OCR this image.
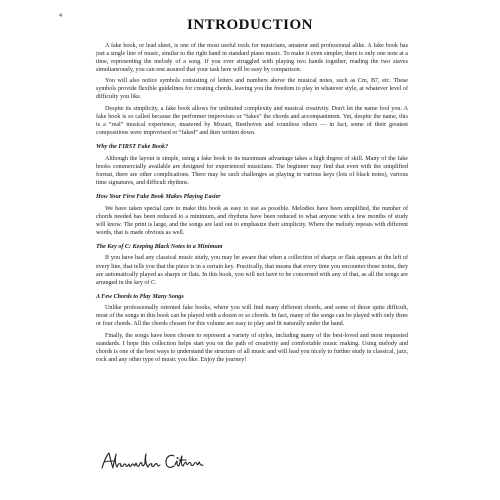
4
INTRODUCTION

A fake book, or lead sheet, is one of the most useful tools for musicians, amateur and professional alike. A fake book has just a single line of music, similar to the right hand in standard piano music. To make it even simpler, there is only one note at a time, representing the melody of a song. If you ever struggled with playing two hands together, reading the two staves simultaneously, you can rest assured that your task here will be easy by comparison.

You will also notice symbols consisting of letters and numbers above the musical notes, such as Cm, B7, etc. These symbols provide flexible guidelines for creating chords, leaving you the freedom to play in whatever style, at whatever level of difficulty you like.

Despite its simplicity, a fake book allows for unlimited complexity and musical creativity. Don't let the name fool you. A fake book is so called because the performer improvises or “fakes” the chords and accompaniment. Yet, despite the name, this is a “real” musical experience, mastered by Mozart, Beethoven and countless others — in fact, some of their greatest compositions were improvised or “faked” and then written down.

Why the FIRST Fake Book?

Although the layout is simple, using a fake book to its maximum advantage takes a high degree of skill. Many of the fake books commercially available are designed for experienced musicians. The beginner may find that even with the simplified format, there are other complications. There may be such challenges as playing in various keys (lots of black notes), various time signatures, and difficult rhythms.

How Your First Fake Book Makes Playing Easier

We have taken special care to make this book as easy to use as possible. Melodies have been simplified, the number of chords needed has been reduced to a minimum, and rhythms have been reduced to what anyone with a few months of study will know. The print is large, and the songs are laid out to emphasize their simplicity. Where the melody repeats with different words, that is made obvious as well.

The Key of C: Keeping Black Notes to a Minimum

If you have had any classical music study, you may be aware that when a collection of sharps or flats appears at the left of every line, that tells you that the piece is in a certain key. Practically, that means that every time you encounter those notes, they are automatically played as sharps or flats. In this book, you will not have to be concerned with any of that, as all the songs are arranged in the key of C.

A Few Chords to Play Many Songs

Unlike professionally oriented fake books, where you will find many different chords, and some of those quite difficult, most of the songs in this book can be played with a dozen or so chords. In fact, many of the songs can be played with only three or four chords. All the chords chosen for this volume are easy to play and fit naturally under the hand.

Finally, the songs have been chosen to represent a variety of styles, including many of the best-loved and most requested standards. I hope this collection helps start you on the path of creativity and comfortable music making. Using melody and chords is one of the best ways to understand the structure of all music and will lead you nicely to further study in classical, jazz, rock and any other type of music you like. Enjoy the journey!
